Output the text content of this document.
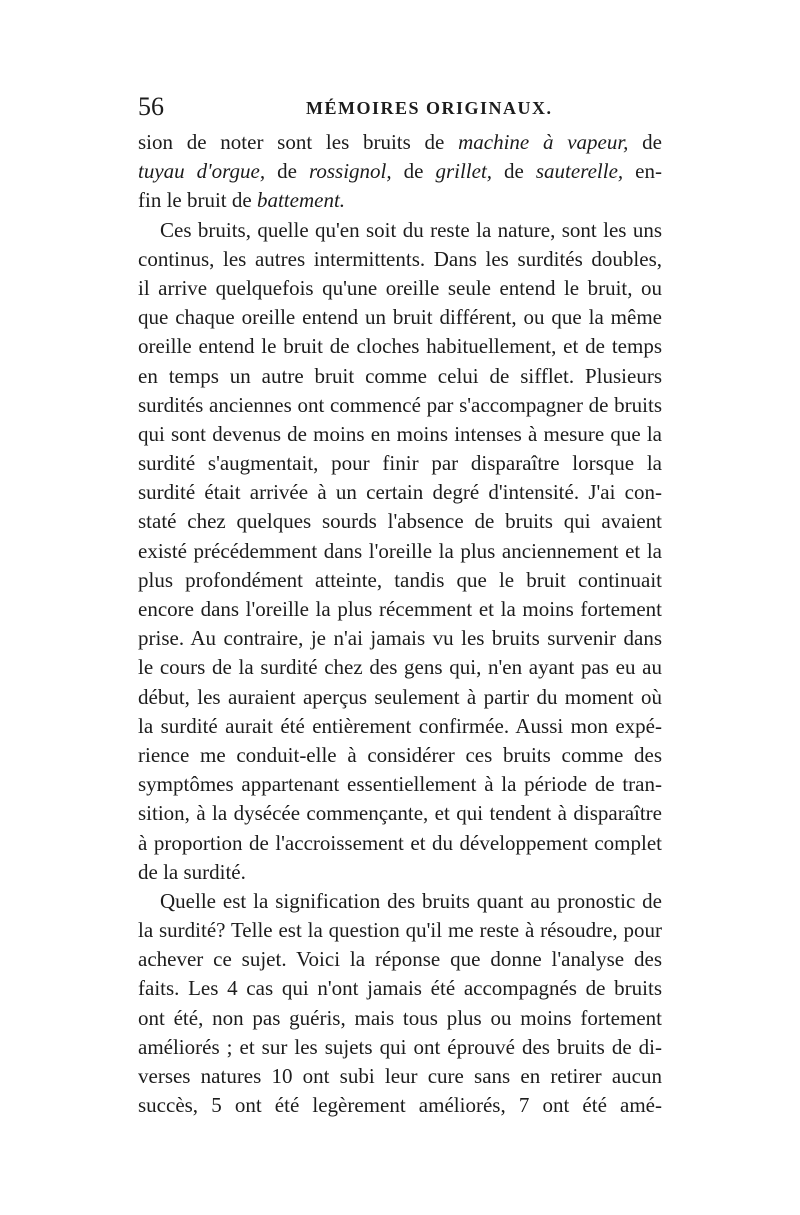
56	MÉMOIRES ORIGINAUX.
sion de noter sont les bruits de machine à vapeur, de
tuyau d'orgue, de rossignol, de grillet, de sauterelle, en-
fin le bruit de battement.
Ces bruits, quelle qu'en soit du reste la nature, sont les uns
continus, les autres intermittents. Dans les surdités doubles,
il arrive quelquefois qu'une oreille seule entend le bruit, ou
que chaque oreille entend un bruit différent, ou que la même
oreille entend le bruit de cloches habituellement, et de temps
en temps un autre bruit comme celui de sifflet. Plusieurs
surdités anciennes ont commencé par s'accompagner de bruits
qui sont devenus de moins en moins intenses à mesure que la
surdité s'augmentait, pour finir par disparaître lorsque la
surdité était arrivée à un certain degré d'intensité. J'ai con-
staté chez quelques sourds l'absence de bruits qui avaient
existé précédemment dans l'oreille la plus anciennement et la
plus profondément atteinte, tandis que le bruit continuait
encore dans l'oreille la plus récemment et la moins fortement
prise. Au contraire, je n'ai jamais vu les bruits survenir dans
le cours de la surdité chez des gens qui, n'en ayant pas eu au
début, les auraient aperçus seulement à partir du moment où
la surdité aurait été entièrement confirmée. Aussi mon expé-
rience me conduit-elle à considérer ces bruits comme des
symptômes appartenant essentiellement à la période de tran-
sition, à la dysécée commençante, et qui tendent à disparaître
à proportion de l'accroissement et du développement complet
de la surdité.
Quelle est la signification des bruits quant au pronostic de
la surdité? Telle est la question qu'il me reste à résoudre, pour
achever ce sujet. Voici la réponse que donne l'analyse des
faits. Les 4 cas qui n'ont jamais été accompagnés de bruits
ont été, non pas guéris, mais tous plus ou moins fortement
améliorés ; et sur les sujets qui ont éprouvé des bruits de di-
verses natures 10 ont subi leur cure sans en retirer aucun
succès, 5 ont été legèrement améliorés, 7 ont été amé-
